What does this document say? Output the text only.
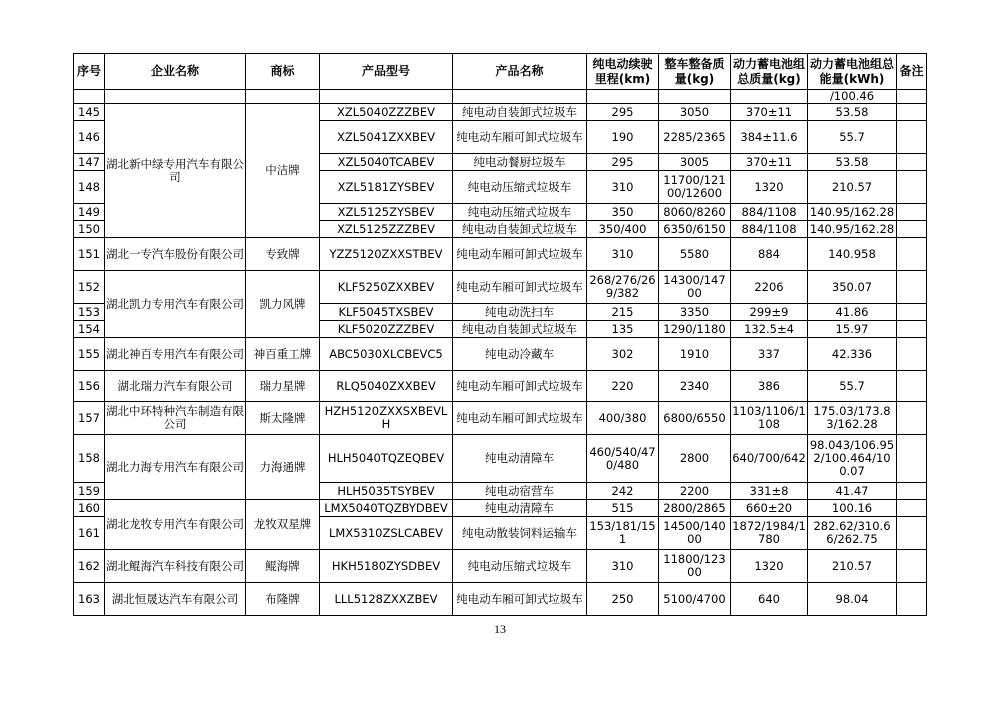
序号	企业名称	商标	产品型号	产品名称	纯电动续驶里程(km)	整车整备质量(kg)	动力蓄电池组总质量(kg)	动力蓄电池组总能量(kWh)	备注
								/100.46	
145	湖北新中绿专用汽车有限公司	中洁牌	XZL5040ZZZBEV	纯电动自装卸式垃圾车	295	3050	370±11	53.58	
146			XZL5041ZXXBEV	纯电动车厢可卸式垃圾车	190	2285/2365	384±11.6	55.7	
147			XZL5040TCABEV	纯电动餐厨垃圾车	295	3005	370±11	53.58	
148			XZL5181ZYSBEV	纯电动压缩式垃圾车	310	11700/12100/12600	1320	210.57	
149			XZL5125ZYSBEV	纯电动压缩式垃圾车	350	8060/8260	884/1108	140.95/162.28	
150			XZL5125ZZZBEV	纯电动自装卸式垃圾车	350/400	6350/6150	884/1108	140.95/162.28	
151	湖北一专汽车股份有限公司	专致牌	YZZ5120ZXXSTBEV	纯电动车厢可卸式垃圾车	310	5580	884	140.958	
152	湖北凯力专用汽车有限公司	凯力风牌	KLF5250ZXXBEV	纯电动车厢可卸式垃圾车	268/276/269/382	14300/14700	2206	350.07	
153			KLF5045TXSBEV	纯电动洗扫车	215	3350	299±9	41.86	
154			KLF5020ZZZBEV	纯电动自装卸式垃圾车	135	1290/1180	132.5±4	15.97	
155	湖北神百专用汽车有限公司	神百重工牌	ABC5030XLCBEVC5	纯电动冷藏车	302	1910	337	42.336	
156	湖北瑞力汽车有限公司	瑞力星牌	RLQ5040ZXXBEV	纯电动车厢可卸式垃圾车	220	2340	386	55.7	
157	湖北中环特种汽车制造有限公司	斯太隆牌	HZH5120ZXXSXBEVLH	纯电动车厢可卸式垃圾车	400/380	6800/6550	1103/1106/1108	175.03/173.83/162.28	
158	湖北力海专用汽车有限公司	力海通牌	HLH5040TQZEQBEV	纯电动清障车	460/540/470/480	2800	640/700/642	98.043/106.952/100.464/100.07	
159			HLH5035TSYBEV	纯电动宿营车	242	2200	331±8	41.47	
160	湖北龙牧专用汽车有限公司	龙牧双星牌	LMX5040TQZBYDBEV	纯电动清障车	515	2800/2865	660±20	100.16	
161			LMX5310ZSLCABEV	纯电动散装饲料运输车	153/181/151	14500/14000	1872/1984/1780	282.62/310.66/262.75	
162	湖北鲲海汽车科技有限公司	鲲海牌	HKH5180ZYSDBEV	纯电动压缩式垃圾车	310	11800/12300	1320	210.57	
163	湖北恒晟达汽车有限公司	布隆牌	LLL5128ZXXZBEV	纯电动车厢可卸式垃圾车	250	5100/4700	640	98.04	
13
